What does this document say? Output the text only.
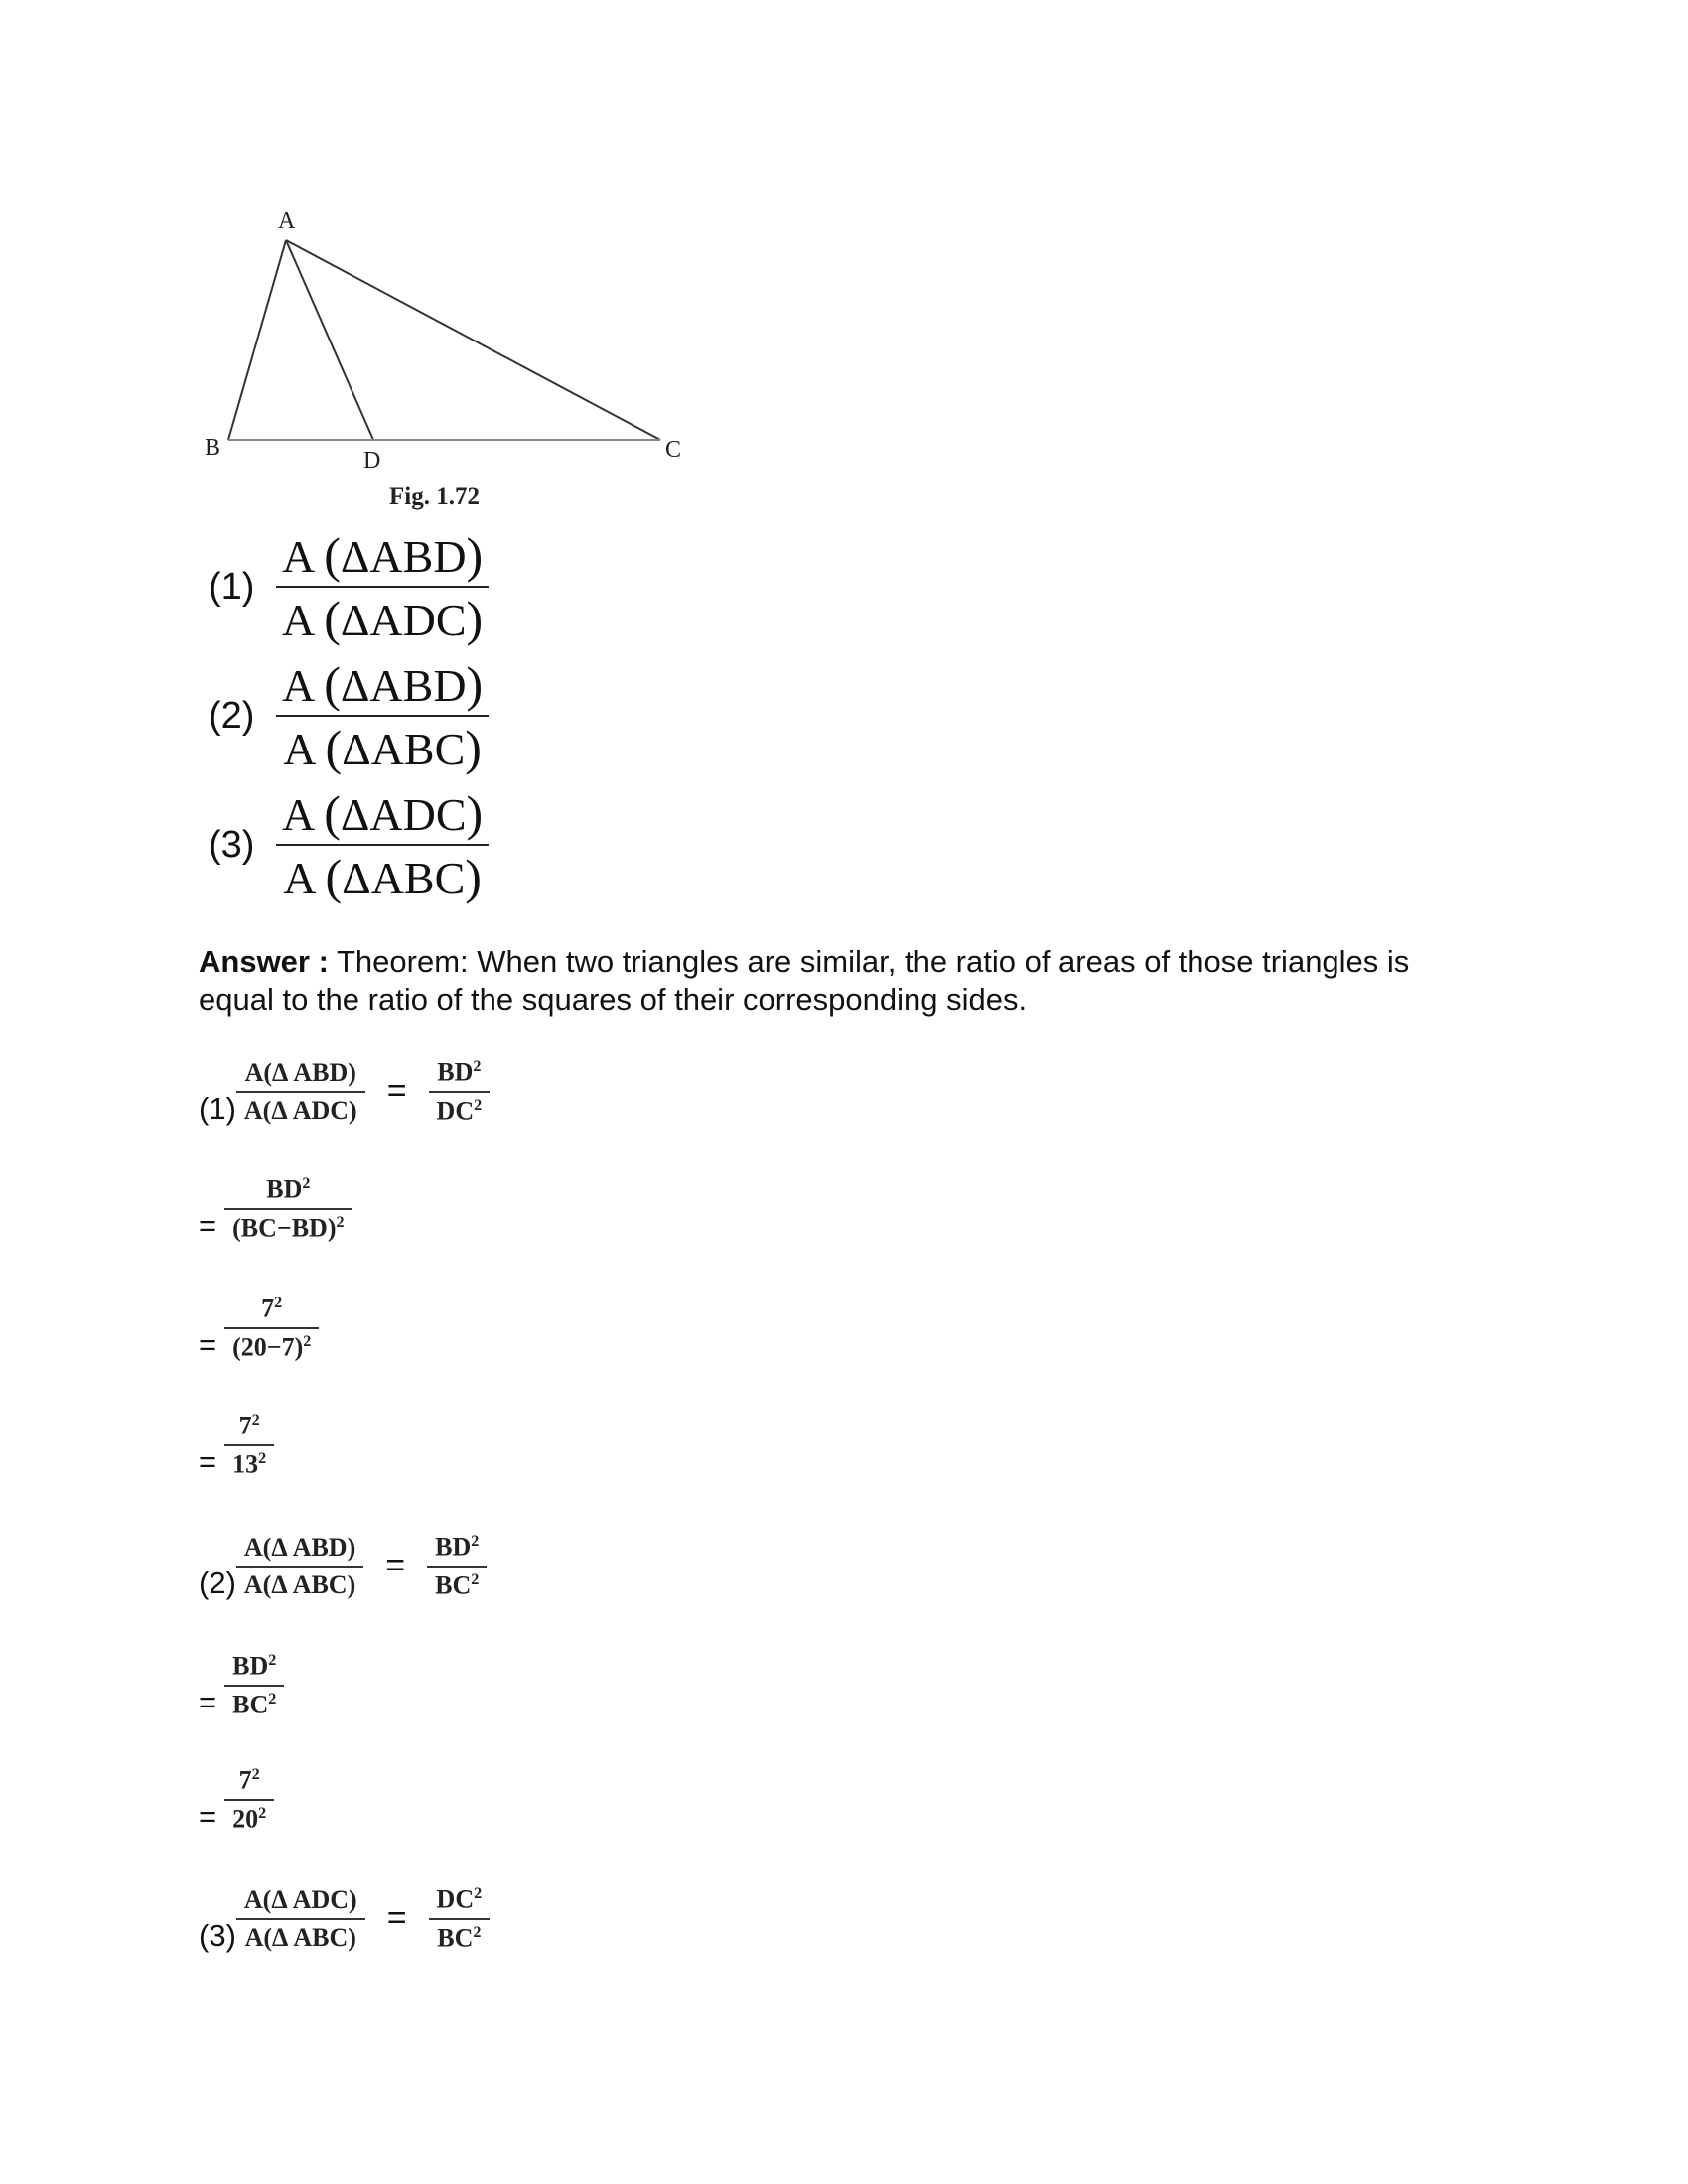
A
B	D	C
Fig. 1.72
$(1) \frac{\text{A (ΔABD)}}{\text{A (ΔADC)}}$
$(2) \frac{\text{A (ΔABD)}}{\text{A (ΔABC)}}$
$(3) \frac{\text{A (ΔADC)}}{\text{A (ΔABC)}}$
Answer : Theorem: When two triangles are similar, the ratio of areas of those triangles is equal to the ratio of the squares of their corresponding sides.
$(1) \frac{\text{A(Δ ABD)}}{\text{A(Δ ADC)}} = \frac{BD^2}{DC^2}$
= $\frac{BD^2}{(BC-BD)^2}$
= $\frac{7^2}{(20-7)^2}$
= $\frac{7^2}{13^2}$
$(2) \frac{\text{A(Δ ABD)}}{\text{A(Δ ABC)}} = \frac{BD^2}{BC^2}$
= $\frac{BD^2}{BC^2}$
= $\frac{7^2}{20^2}$
$(3) \frac{\text{A(Δ ADC)}}{\text{A(Δ ABC)}} = \frac{DC^2}{BC^2}$
